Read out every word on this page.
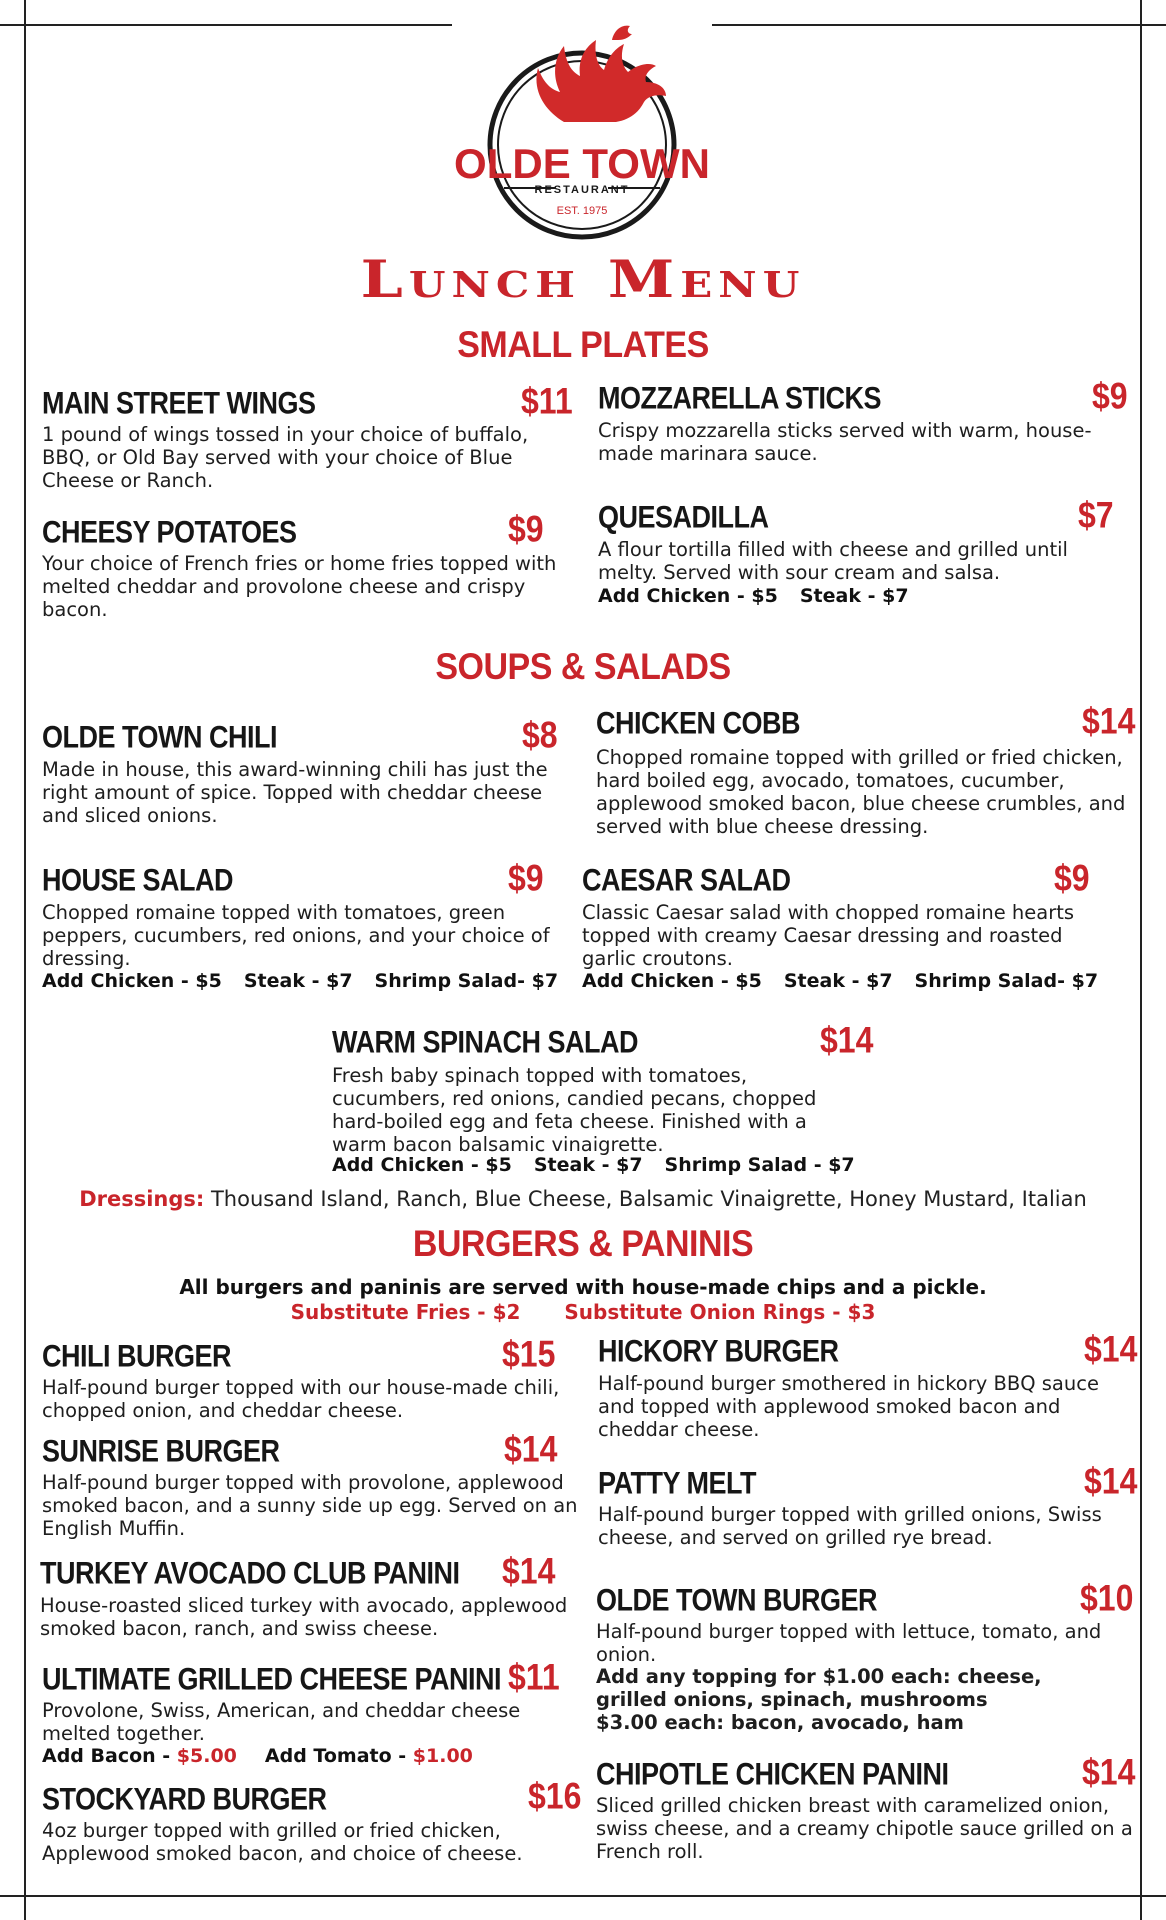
OLDE TOWN
RESTAURANT
EST. 1975
Lunch Menu
SMALL PLATES
MAIN STREET WINGS	$11
1 pound of wings tossed in your choice of buffalo, BBQ, or Old Bay served with your choice of Blue Cheese or Ranch.
MOZZARELLA STICKS	$9
Crispy mozzarella sticks served with warm, house-made marinara sauce.
CHEESY POTATOES	$9
Your choice of French fries or home fries topped with melted cheddar and provolone cheese and crispy bacon.
QUESADILLA	$7
A flour tortilla filled with cheese and grilled until melty. Served with sour cream and salsa.
Add Chicken - $5 Steak - $7
SOUPS & SALADS
OLDE TOWN CHILI	$8
Made in house, this award-winning chili has just the right amount of spice. Topped with cheddar cheese and sliced onions.
CHICKEN COBB	$14
Chopped romaine topped with grilled or fried chicken, hard boiled egg, avocado, tomatoes, cucumber, applewood smoked bacon, blue cheese crumbles, and served with blue cheese dressing.
HOUSE SALAD	$9
Chopped romaine topped with tomatoes, green peppers, cucumbers, red onions, and your choice of dressing.
Add Chicken - $5 Steak - $7 Shrimp Salad- $7
CAESAR SALAD	$9
Classic Caesar salad with chopped romaine hearts topped with creamy Caesar dressing and roasted garlic croutons.
Add Chicken - $5 Steak - $7 Shrimp Salad- $7
WARM SPINACH SALAD	$14
Fresh baby spinach topped with tomatoes, cucumbers, red onions, candied pecans, chopped hard-boiled egg and feta cheese. Finished with a warm bacon balsamic vinaigrette.
Add Chicken - $5 Steak - $7 Shrimp Salad - $7
Dressings: Thousand Island, Ranch, Blue Cheese, Balsamic Vinaigrette, Honey Mustard, Italian
BURGERS & PANINIS
All burgers and paninis are served with house-made chips and a pickle.
Substitute Fries - $2 Substitute Onion Rings - $3
CHILI BURGER	$15
Half-pound burger topped with our house-made chili, chopped onion, and cheddar cheese.
HICKORY BURGER	$14
Half-pound burger smothered in hickory BBQ sauce and topped with applewood smoked bacon and cheddar cheese.
SUNRISE BURGER	$14
Half-pound burger topped with provolone, applewood smoked bacon, and a sunny side up egg. Served on an English Muffin.
PATTY MELT	$14
Half-pound burger topped with grilled onions, Swiss cheese, and served on grilled rye bread.
TURKEY AVOCADO CLUB PANINI $14
House-roasted sliced turkey with avocado, applewood smoked bacon, ranch, and swiss cheese.
OLDE TOWN BURGER	$10
Half-pound burger topped with lettuce, tomato, and onion.
Add any topping for $1.00 each: cheese, grilled onions, spinach, mushrooms
$3.00 each: bacon, avocado, ham
ULTIMATE GRILLED CHEESE PANINI $11
Provolone, Swiss, American, and cheddar cheese melted together.
Add Bacon - $5.00 Add Tomato - $1.00
CHIPOTLE CHICKEN PANINI	$14
Sliced grilled chicken breast with caramelized onion, swiss cheese, and a creamy chipotle sauce grilled on a French roll.
STOCKYARD BURGER	$16
4oz burger topped with grilled or fried chicken, Applewood smoked bacon, and choice of cheese.
